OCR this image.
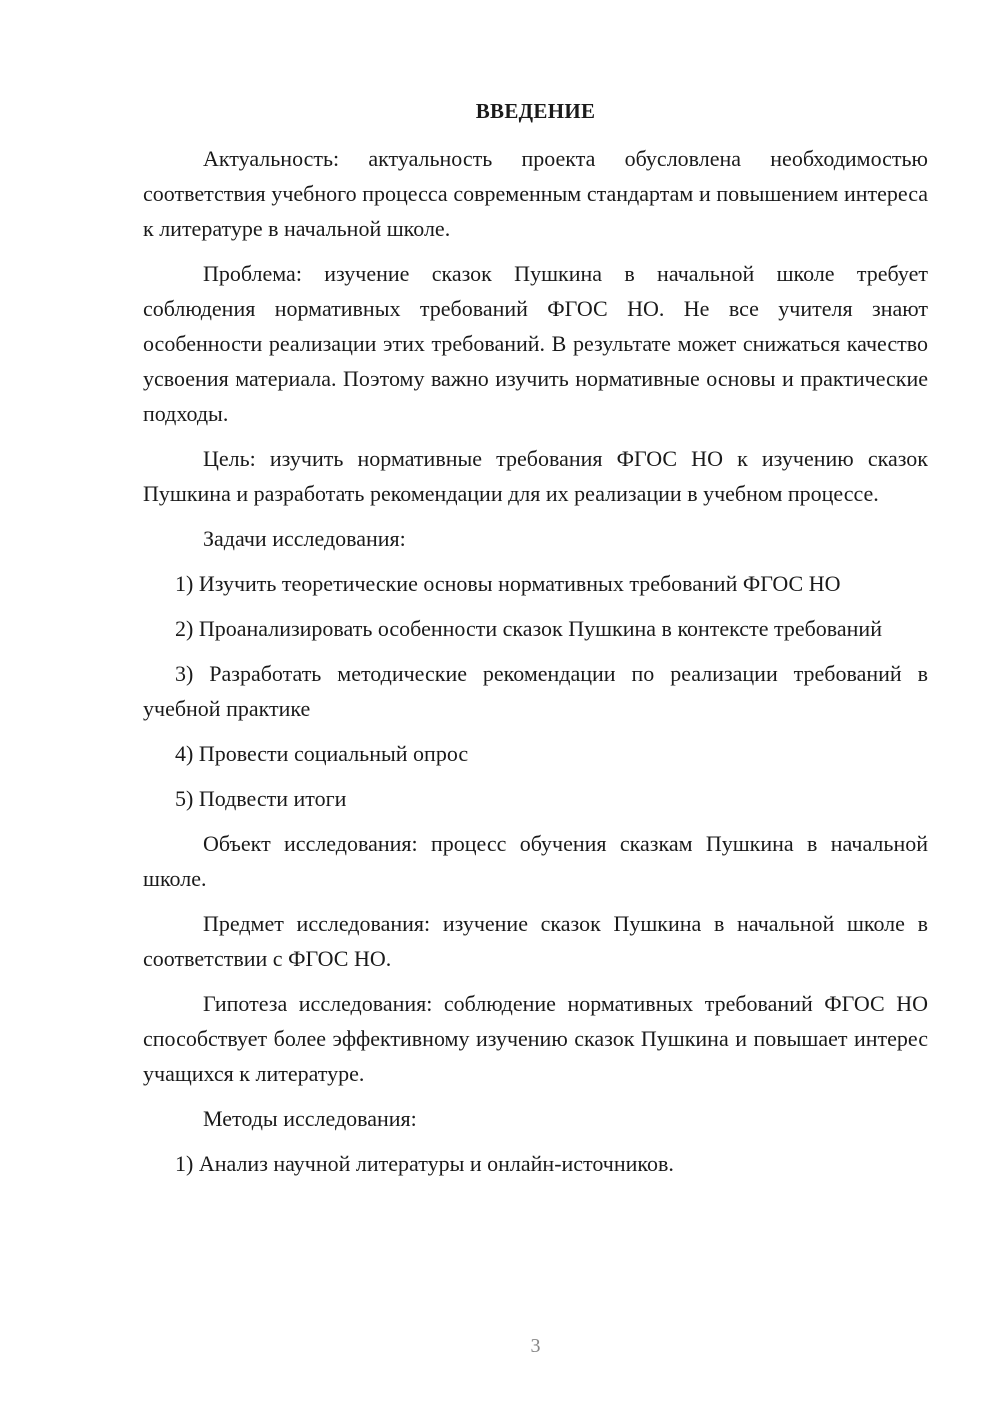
ВВЕДЕНИЕ

Актуальность: актуальность проекта обусловлена необходимостью соответствия учебного процесса современным стандартам и повышением интереса к литературе в начальной школе.

Проблема: изучение сказок Пушкина в начальной школе требует соблюдения нормативных требований ФГОС НО. Не все учителя знают особенности реализации этих требований. В результате может снижаться качество усвоения материала. Поэтому важно изучить нормативные основы и практические подходы.

Цель: изучить нормативные требования ФГОС НО к изучению сказок Пушкина и разработать рекомендации для их реализации в учебном процессе.

Задачи исследования:

1) Изучить теоретические основы нормативных требований ФГОС НО

2) Проанализировать особенности сказок Пушкина в контексте требований

3) Разработать методические рекомендации по реализации требований в учебной практике

4) Провести социальный опрос

5) Подвести итоги

Объект исследования: процесс обучения сказкам Пушкина в начальной школе.

Предмет исследования: изучение сказок Пушкина в начальной школе в соответствии с ФГОС НО.

Гипотеза исследования: соблюдение нормативных требований ФГОС НО способствует более эффективному изучению сказок Пушкина и повышает интерес учащихся к литературе.

Методы исследования:

1) Анализ научной литературы и онлайн-источников.

3
